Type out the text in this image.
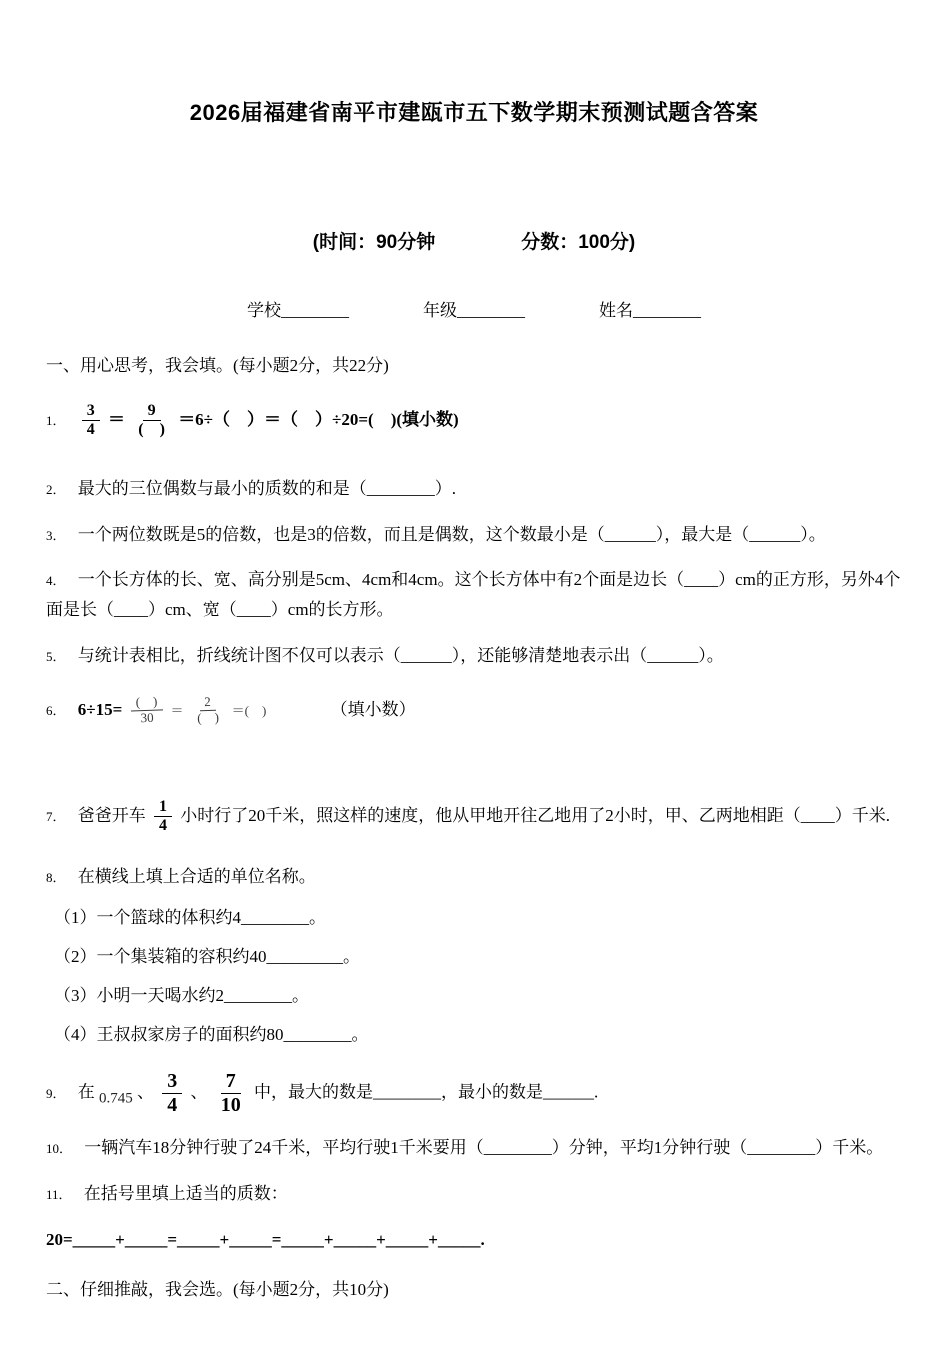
2026届福建省南平市建瓯市五下数学期末预测试题含答案
(时间：90分钟	分数：100分)
学校________	年级________	姓名________
一、用心思考，我会填。(每小题2分，共22分)

1． $\frac{3}{4} = \frac{9}{( )} =6\div$（　）＝（　）÷20=(　)(填小数)

2． 最大的三位偶数与最小的质数的和是（________）.

3． 一个两位数既是5的倍数，也是3的倍数，而且是偶数，这个数最小是（______），最大是（______）。

4． 一个长方体的长、宽、高分别是5cm、4cm和4cm。这个长方体中有2个面是边长（____）cm的正方形，另外4个面是长（____）cm、宽（____）cm的长方形。

5． 与统计表相比，折线统计图不仅可以表示（______），还能够清楚地表示出（______）。

6． $6\div 15= \frac{( )}{30} = \frac{2}{( )}$ ＝(　)	（填小数）

7． 爸爸开车 $\frac{1}{4}$ 小时行了20千米，照这样的速度，他从甲地开往乙地用了2小时，甲、乙两地相距（____）千米.

8． 在横线上填上合适的单位名称。

（1）一个篮球的体积约4________。
（2）一个集装箱的容积约40_________。
（3）小明一天喝水约2________。
（4）王叔叔家房子的面积约80________。

9． 在 0.745 、 $\frac{3}{4}$ 、 $\frac{7}{10}$ 中，最大的数是________，最小的数是______.

10． 一辆汽车18分钟行驶了24千米，平均行驶1千米要用（________）分钟，平均1分钟行驶（________）千米。

11． 在括号里填上适当的质数：

20=_____+_____=_____+_____=_____+_____+_____+_____.

二、仔细推敲，我会选。(每小题2分，共10分)
